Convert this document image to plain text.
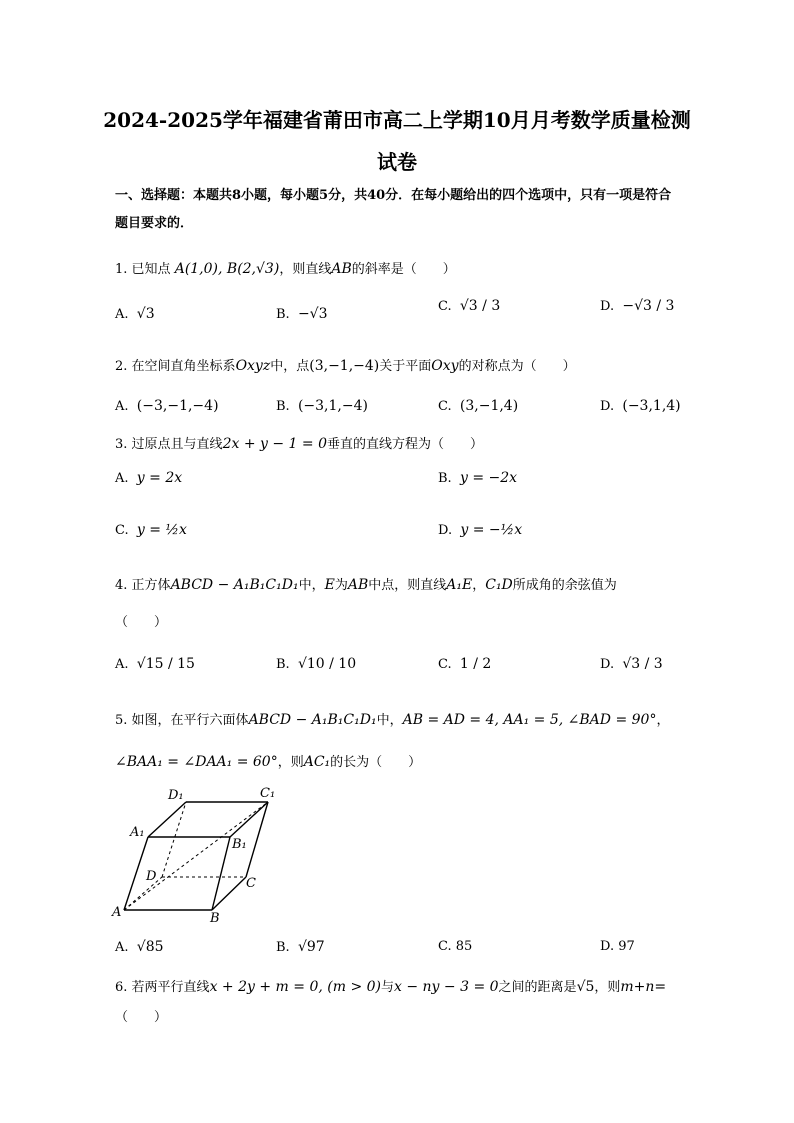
2024-2025学年福建省莆田市高二上学期10月月考数学质量检测
试卷
一、选择题：本题共8小题，每小题5分，共40分．在每小题给出的四个选项中，只有一项是符合题目要求的．
1. 已知点 A(1,0), B(2,√3)，则直线AB的斜率是（　　）
A.  √3	B.  −√3	C.  √3 / 3	D.  −√3 / 3
2. 在空间直角坐标系Oxyz中，点(3,−1,−4)关于平面Oxy的对称点为（　　）
A.  (−3,−1,−4)	B.  (−3,1,−4)	C.  (3,−1,4)	D.  (−3,1,4)
3. 过原点且与直线2x + y − 1 = 0垂直的直线方程为（　　）
A.  y = 2x	B.  y = −2x
C.  y = ½x	D.  y = −½x
4. 正方体ABCD − A₁B₁C₁D₁中，E为AB中点，则直线A₁E，C₁D所成角的余弦值为
（　　）
A.  √15 / 15	B.  √10 / 10	C.  1 / 2	D.  √3 / 3
5. 如图，在平行六面体ABCD − A₁B₁C₁D₁中，AB = AD = 4, AA₁ = 5, ∠BAD = 90°，
∠BAA₁ = ∠DAA₁ = 60°，则AC₁的长为（　　）
D₁	C₁
A₁
B₁
D	C
A	B
A.  √85	B.  √97	C. 85	D. 97
6. 若两平行直线x + 2y + m = 0, (m > 0)与x − ny − 3 = 0之间的距离是√5，则m+n=
（　　）
